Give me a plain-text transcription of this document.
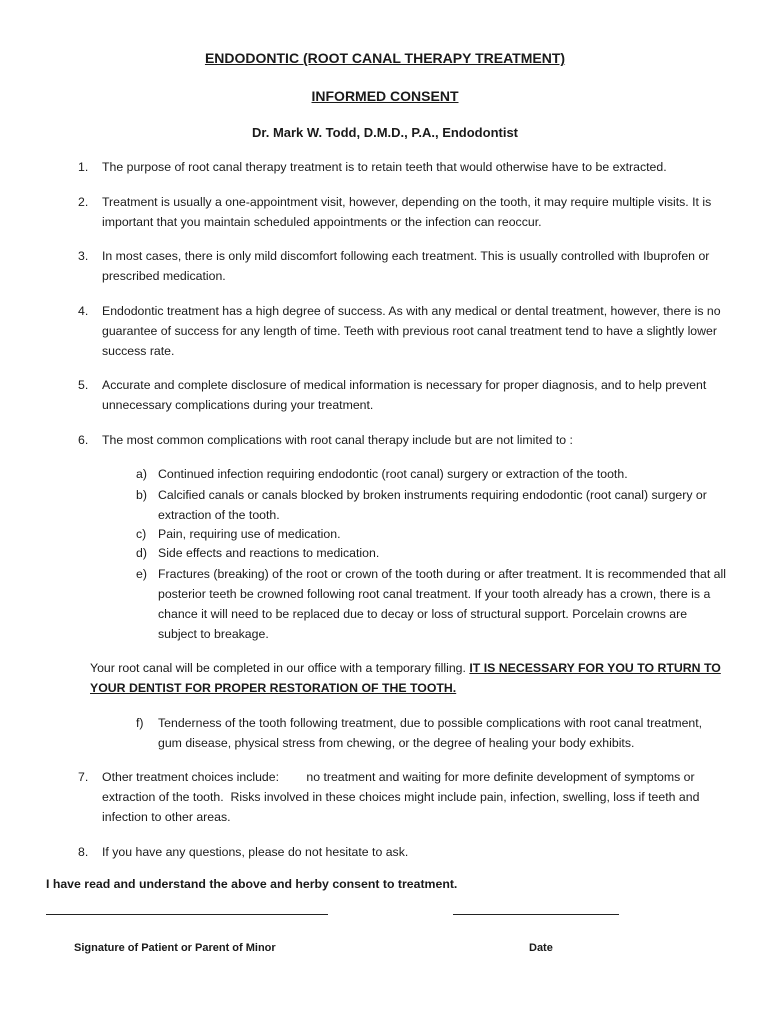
ENDODONTIC (ROOT CANAL THERAPY TREATMENT)
INFORMED CONSENT
Dr. Mark W. Todd, D.M.D., P.A., Endodontist
1. The purpose of root canal therapy treatment is to retain teeth that would otherwise have to be extracted.
2. Treatment is usually a one-appointment visit, however, depending on the tooth, it may require multiple visits. It is important that you maintain scheduled appointments or the infection can reoccur.
3. In most cases, there is only mild discomfort following each treatment. This is usually controlled with Ibuprofen or prescribed medication.
4. Endodontic treatment has a high degree of success. As with any medical or dental treatment, however, there is no guarantee of success for any length of time. Teeth with previous root canal treatment tend to have a slightly lower success rate.
5. Accurate and complete disclosure of medical information is necessary for proper diagnosis, and to help prevent unnecessary complications during your treatment.
6. The most common complications with root canal therapy include but are not limited to :
a) Continued infection requiring endodontic (root canal) surgery or extraction of the tooth.
b) Calcified canals or canals blocked by broken instruments requiring endodontic (root canal) surgery or extraction of the tooth.
c) Pain, requiring use of medication.
d) Side effects and reactions to medication.
e) Fractures (breaking) of the root or crown of the tooth during or after treatment. It is recommended that all posterior teeth be crowned following root canal treatment. If your tooth already has a crown, there is a chance it will need to be replaced due to decay or loss of structural support. Porcelain crowns are subject to breakage.
Your root canal will be completed in our office with a temporary filling. IT IS NECESSARY FOR YOU TO RTURN TO YOUR DENTIST FOR PROPER RESTORATION OF THE TOOTH.
f) Tenderness of the tooth following treatment, due to possible complications with root canal treatment, gum disease, physical stress from chewing, or the degree of healing your body exhibits.
7. Other treatment choices include:        no treatment and waiting for more definite development of symptoms or extraction of the tooth.  Risks involved in these choices might include pain, infection, swelling, loss if teeth and infection to other areas.
8. If you have any questions, please do not hesitate to ask.
I have read and understand the above and herby consent to treatment.
Signature of Patient or Parent of Minor	Date
